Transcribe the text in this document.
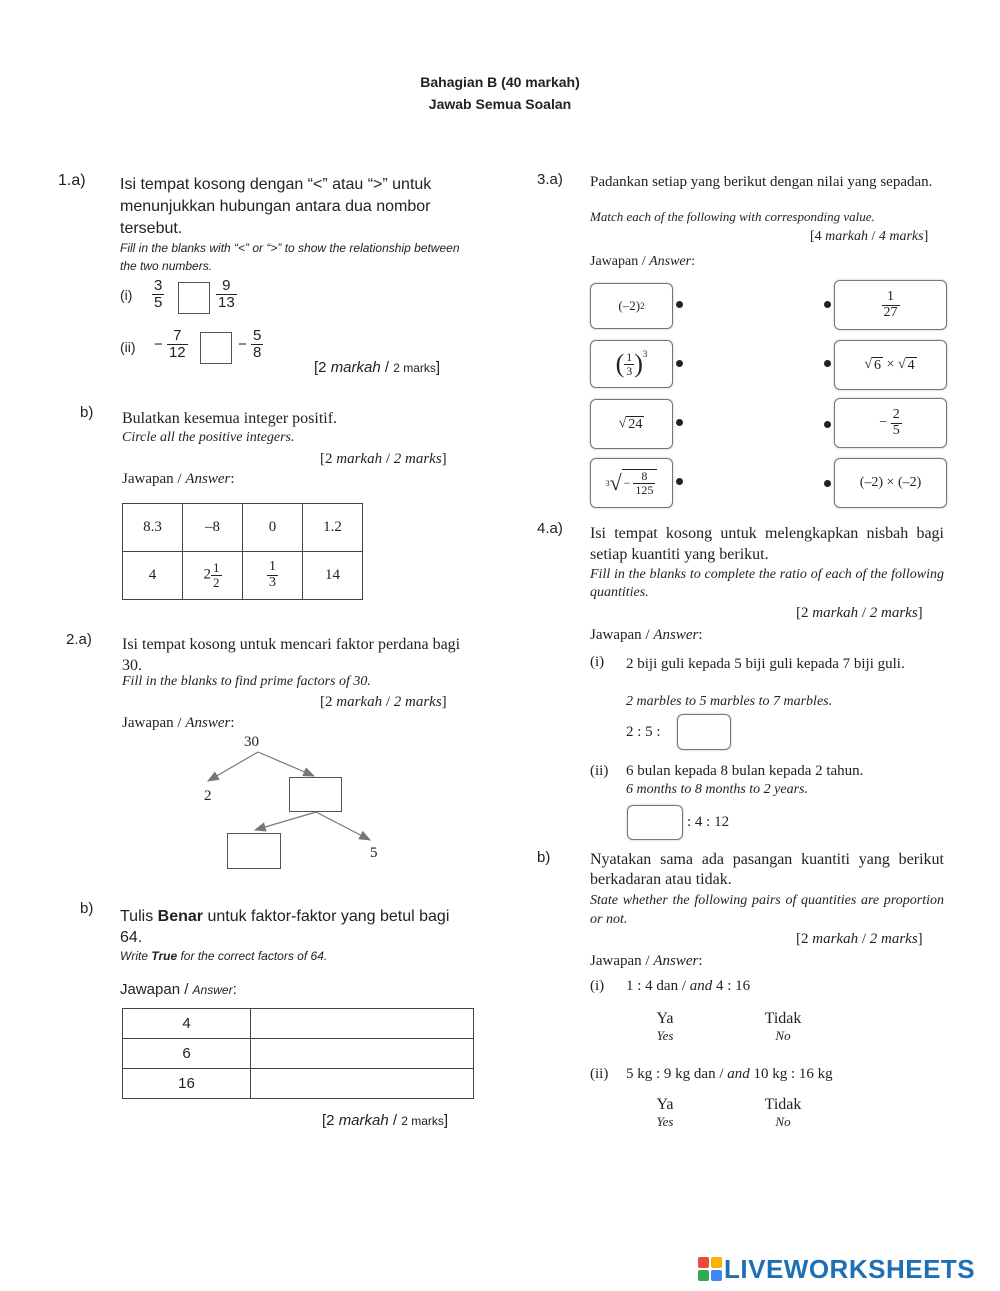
Bahagian B (40 markah)
Jawab Semua Soalan
1.a) Isi tempat kosong dengan “<” atau “>” untuk menunjukkan hubungan antara dua nombor tersebut.
Fill in the blanks with “<” or “>” to show the relationship between the two numbers.
$(i) \frac{3}{5}$	$\frac{9}{13}$
$(ii) - \frac{7}{12}$	− $\frac{5}{8}$
[2 markah / 2 marks]
b) Bulatkan kesemua integer positif.
Circle all the positive integers.
[2 markah / 2 marks]
Jawapan / Answer:
8.3	–8	0	1.2
4	$2 \frac{1}{2}$	$\frac{1}{3}$	14
2.a) Isi tempat kosong untuk mencari faktor perdana bagi 30.
Fill in the blanks to find prime factors of 30.
[2 markah / 2 marks]
Jawapan / Answer:
30
2
5
b) Tulis Benar untuk faktor-faktor yang betul bagi 64.
Write True for the correct factors of 64.
Jawapan / Answer:
4	
6	
16	
[2 markah / 2 marks]
3.a) Padankan setiap yang berikut dengan nilai yang sepadan.
Match each of the following with corresponding value.
[4 markah / 4 marks]
Jawapan / Answer:
(–2) 2
( $\frac{1}{3} )^3$
√ 24
3 √ −
$\frac{8}{125}$
$\frac{1}{27}$
√ 6
×
√ 4
−
$\frac{2}{5}$
(–2) × (–2)
4.a) Isi tempat kosong untuk melengkapkan nisbah bagi setiap kuantiti yang berikut.
Fill in the blanks to complete the ratio of each of the following quantities.
[2 markah / 2 marks]
Jawapan / Answer:
(i) 2 biji guli kepada 5 biji guli kepada 7 biji guli.
2 marbles to 5 marbles to 7 marbles.
2 : 5 :
(ii) 6 bulan kepada 8 bulan kepada 2 tahun.
6 months to 8 months to 2 years.
: 4 : 12
b) Nyatakan sama ada pasangan kuantiti yang berikut berkadaran atau tidak.
State whether the following pairs of quantities are proportion or not.
[2 markah / 2 marks]
Jawapan / Answer:
(i) 1 : 4 dan / and 4 : 16
Ya
Yes
Tidak
No
(ii) 5 kg : 9 kg dan / and 10 kg : 16 kg
Ya
Yes
Tidak
No
LIVEWORKSHEETS
